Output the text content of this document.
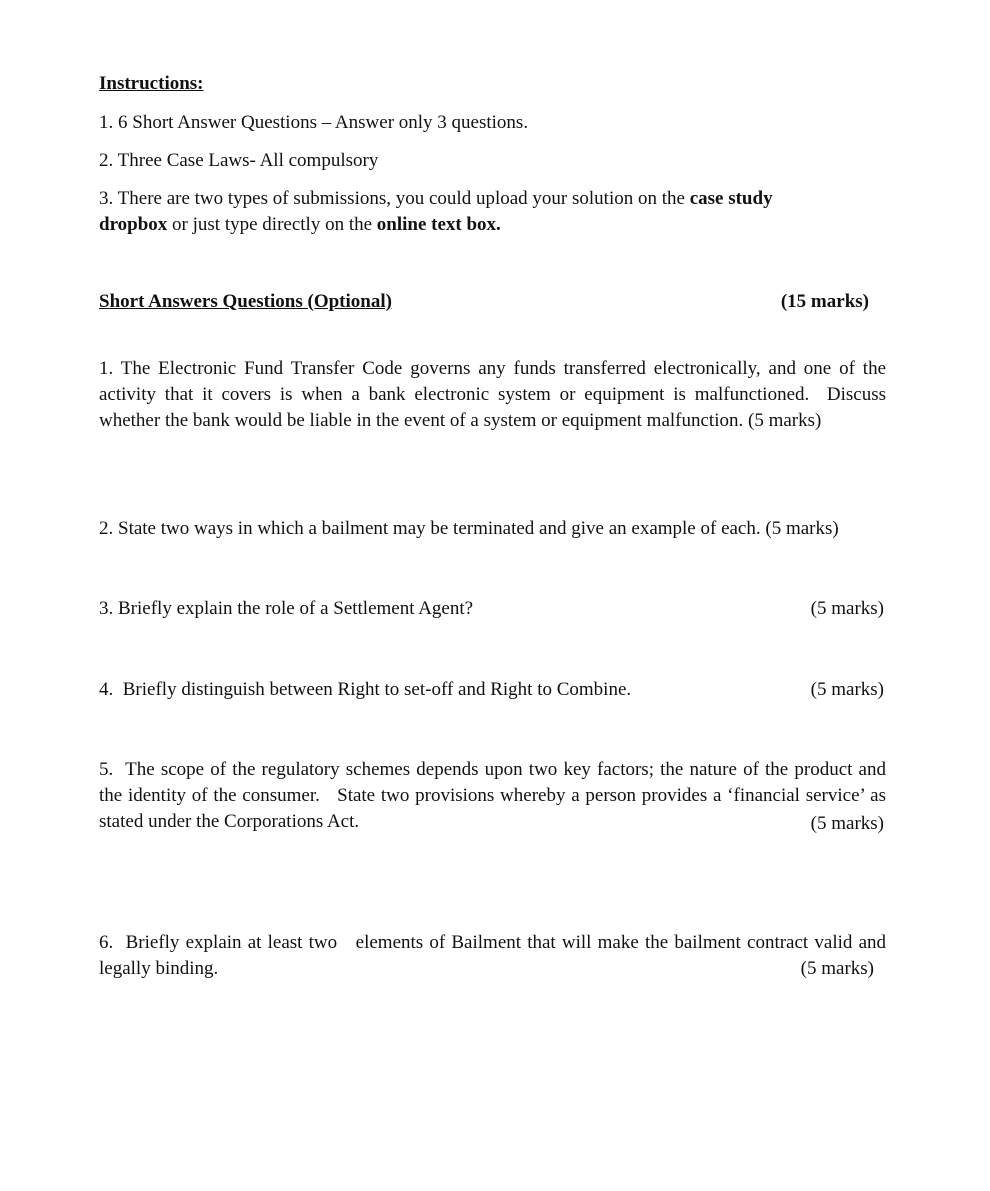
Instructions:
1. 6 Short Answer Questions – Answer only 3 questions.
2. Three Case Laws- All compulsory
3. There are two types of submissions, you could upload your solution on the case study dropbox or just type directly on the online text box.
Short Answers Questions (Optional)	(15 marks)
1. The Electronic Fund Transfer Code governs any funds transferred electronically, and one of the activity that it covers is when a bank electronic system or equipment is malfunctioned.  Discuss whether the bank would be liable in the event of a system or equipment malfunction. (5 marks)
2. State two ways in which a bailment may be terminated and give an example of each. (5 marks)
3. Briefly explain the role of a Settlement Agent?	(5 marks)
4.  Briefly distinguish between Right to set-off and Right to Combine.	(5 marks)
5.  The scope of the regulatory schemes depends upon two key factors; the nature of the product and the identity of the consumer.   State two provisions whereby a person provides a ‘financial service’ as stated under the Corporations Act.	(5 marks)
6.  Briefly explain at least two   elements of Bailment that will make the bailment contract valid and legally binding.	(5 marks)
